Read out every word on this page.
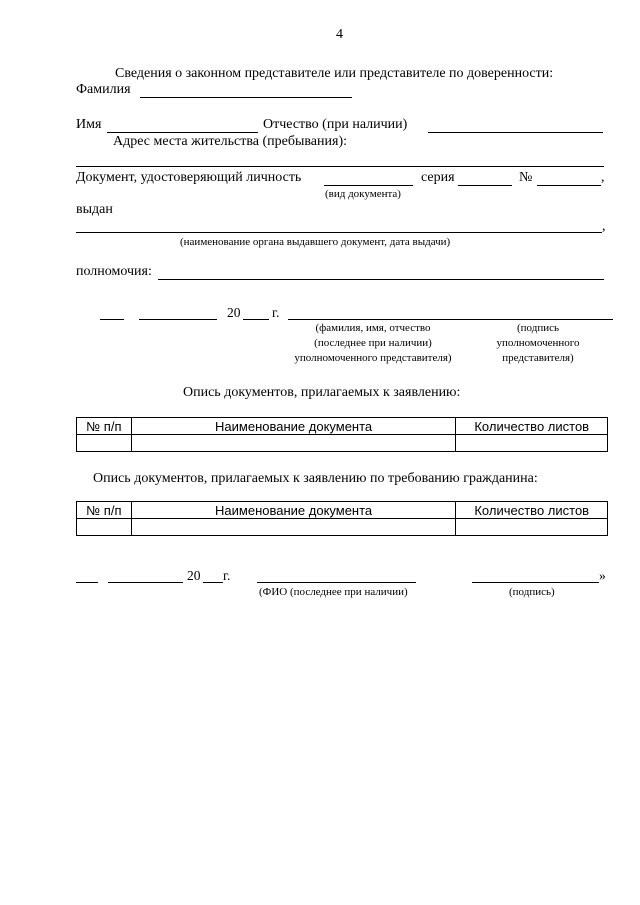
4
Сведения о законном представителе или представителе по доверенности:
Фамилия
Имя	Отчество (при наличии)
Адрес места жительства (пребывания):
Документ, удостоверяющий личность	серия	№	,
(вид документа)
выдан
,
(наименование органа выдавшего документ, дата выдачи)
полномочия:
20 г.
(фамилия, имя, отчество
(последнее при наличии)
уполномоченного представителя)
(подпись
уполномоченного
представителя)
Опись документов, прилагаемых к заявлению:
№ п/п	Наименование документа	Количество листов

Опись документов, прилагаемых к заявлению по требованию гражданина:
№ п/п	Наименование документа	Количество листов

20 г.	»
(ФИО (последнее при наличии)	(подпись)
